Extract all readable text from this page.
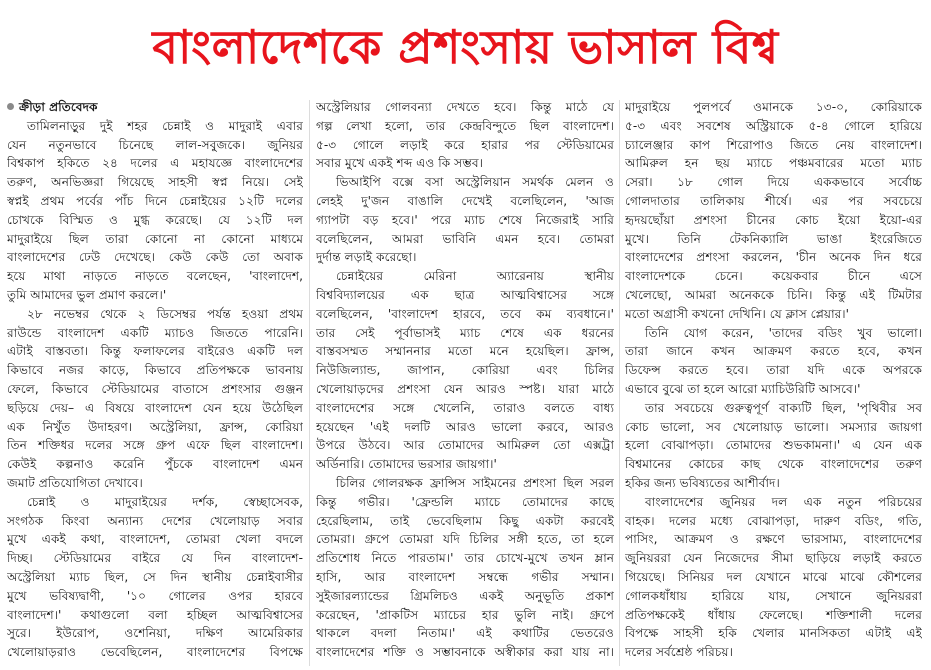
বাংলাদেশকে প্রশংসায় ভাসাল বিশ্ব
ক্রীড়া প্রতিবেদক
তামিলনাড়ুর দুই শহর চেন্নাই ও মাদুরাই এবার
যেন নতুনভাবে চিনেছে লাল-সবুজকে। জুনিয়র
বিশ্বকাপ হকিতে ২৪ দলের এ মহাযজ্ঞে বাংলাদেশের
তরুণ, অনভিজ্ঞরা গিয়েছে সাহসী স্বপ্ন নিয়ে। সেই
স্বপ্নই প্রথম পর্বের পাঁচ দিনে চেন্নাইয়ের ১২টি দলের
চোখকে বিস্মিত ও মুগ্ধ করেছে। যে ১২টি দল
মাদুরাইয়ে ছিল তারা কোনো না কোনো মাধ্যমে
বাংলাদেশের ঢেউ দেখেছে। কেউ কেউ তো অবাক
হয়ে মাথা নাড়তে নাড়তে বলেছেন, 'বাংলাদেশ,
তুমি আমাদের ভুল প্রমাণ করলে।'
২৮ নভেম্বর থেকে ২ ডিসেম্বর পর্যন্ত হওয়া প্রথম
রাউন্ডে বাংলাদেশ একটি ম্যাচও জিততে পারেনি।
এটাই বাস্তবতা। কিন্তু ফলাফলের বাইরেও একটি দল
কিভাবে নজর কাড়ে, কিভাবে প্রতিপক্ষকে ভাবনায়
ফেলে, কিভাবে স্টেডিয়ামের বাতাসে প্রশংসার গুঞ্জন
ছড়িয়ে দেয়– এ বিষয়ে বাংলাদেশ যেন হয়ে উঠেছিল
এক নিখুঁত উদাহরণ। অস্ট্রেলিয়া, ফ্রান্স, কোরিয়া
তিন শক্তিধর দলের সঙ্গে গ্রুপ এফে ছিল বাংলাদেশ।
কেউই কল্পনাও করেনি পুঁচকে বাংলাদেশ এমন
জমাট প্রতিযোগিতা দেখাবে।
চেন্নাই ও মাদুরাইয়ের দর্শক, স্বেচ্ছাসেবক,
সংগঠক কিংবা অন্যান্য দেশের খেলোয়াড় সবার
মুখে একই কথা, বাংলাদেশ, তোমরা খেলা বদলে
দিচ্ছ। স্টেডিয়ামের বাইরে যে দিন বাংলাদেশ-
অস্ট্রেলিয়া ম্যাচ ছিল, সে দিন স্থানীয় চেন্নাইবাসীর
মুখে ভবিষ্যদ্বাণী, '১০ গোলের ওপর হারবে
বাংলাদেশ।' কথাগুলো বলা হচ্ছিল আত্মবিশ্বাসের
সুরে। ইউরোপ, ওশেনিয়া, দক্ষিণ আমেরিকার
খেলোয়াড়রাও ভেবেছিলেন, বাংলাদেশের বিপক্ষে
অস্ট্রেলিয়ার গোলবন্যা দেখতে হবে। কিন্তু মাঠে যে
গল্প লেখা হলো, তার কেন্দ্রবিন্দুতে ছিল বাংলাদেশ।
৫-৩ গোলে লড়াই করে হারার পর স্টেডিয়ামের
সবার মুখে একই শব্দ এও কি সম্ভব।
ভিআইপি বক্সে বসা অস্ট্রেলিয়ান সমর্থক মেলন ও
লেহই দু'জন বাঙালি দেখেই বলেছিলেন, 'আজ
গ্যাপটা বড় হবে।' পরে ম্যাচ শেষে নিজেরাই সারি
বলেছিলেন, আমরা ভাবিনি এমন হবে। তোমরা
দুর্দান্ত লড়াই করেছো।
চেন্নাইয়ের মেরিনা অ্যারেনায় স্থানীয়
বিশ্ববিদ্যালয়ের এক ছাত্র আত্মবিশ্বাসের সঙ্গে
বলেছিলেন, 'বাংলাদেশ হারবে, তবে কম ব্যবধানে।'
তার সেই পূর্বাভাসই ম্যাচ শেষে এক ধরনের
বাস্তবসম্মত সম্মাননার মতো মনে হয়েছিল। ফ্রান্স,
নিউজিল্যান্ড, জাপান, কোরিয়া এবং চিলির
খেলোয়াড়দের প্রশংসা যেন আরও স্পষ্ট। যারা মাঠে
বাংলাদেশের সঙ্গে খেলেনি, তারাও বলতে বাধ্য
হয়েছেন 'এই দলটি আরও ভালো করবে, আরও
উপরে উঠবে। আর তোমাদের আমিরুল তো এক্সট্রা
অর্ডিনারি। তোমাদের ভরসার জায়গা।'
চিলির গোলরক্ষক ফ্রান্সিস সাইমনের প্রশংসা ছিল সরল
কিন্তু গভীর। 'ফ্রেন্ডলি ম্যাচে তোমাদের কাছে
হেরেছিলাম, তাই ভেবেছিলাম কিছু একটা করবেই
তোমরা। গ্রুপে তোমরা যদি চিলির সঙ্গী হতে, তা হলে
প্রতিশোধ নিতে পারতাম।' তার চোখে-মুখে তখন ম্লান
হাসি, আর বাংলাদেশ সম্বন্ধে গভীর সম্মান।
সুইজারল্যান্ডের গ্রিমলিচও একই অনুভূতি প্রকাশ
করেছেন, 'প্রাকটিস ম্যাচের হার ভুলি নাই। গ্রুপে
থাকলে বদলা নিতাম।' এই কথাটির ভেতরেও
বাংলাদেশের শক্তি ও সম্ভাবনাকে অস্বীকার করা যায় না।
মাদুরাইয়ে পুলপর্বে ওমানকে ১৩-০, কোরিয়াকে
৫-৩ এবং সবশেষ অস্ট্রিয়াকে ৫-৪ গোলে হারিয়ে
চ্যালেঞ্জার কাপ শিরোপাও জিতে নেয় বাংলাদেশ।
আমিরুল হন ছয় ম্যাচে পঞ্চমবারের মতো ম্যাচ
সেরা। ১৮ গোল দিয়ে এককভাবে সর্বোচ্চ
গোলদাতার তালিকায় শীর্ষে। এর পর সবচেয়ে
হৃদয়ছোঁয়া প্রশংসা চীনের কোচ ইয়ো ইয়ো-এর
মুখে। তিনি টেকনিক্যালি ভাঙা ইংরেজিতে
বাংলাদেশের প্রশংসা করলেন, 'চীন অনেক দিন ধরে
বাংলাদেশকে চেনে। কয়েকবার চীনে এসে
খেলেছো, আমরা অনেককে চিনি। কিন্তু এই টিমটার
মতো অগ্রাসী কখনো দেখিনি। যে ক্লাস প্লেয়ার।'
তিনি যোগ করেন, 'তাদের বডিং খুব ভালো।
তারা জানে কখন আক্রমণ করতে হবে, কখন
ডিফেন্স করতে হবে। তারা যদি একে অপরকে
এভাবে বুঝে তা হলে আরো ম্যাচিউরিটি আসবে।'
তার সবচেয়ে গুরুত্বপূর্ণ বাক্যটি ছিল, 'পৃথিবীর সব
কোচ ভালো, সব খেলোয়াড় ভালো। সমস্যার জায়গা
হলো বোঝাপড়া। তোমাদের শুভকামনা।' এ যেন এক
বিশ্বমানের কোচের কাছ থেকে বাংলাদেশের তরুণ
হকির জন্য ভবিষ্যতের আশীর্বাদ।
বাংলাদেশের জুনিয়র দল এক নতুন পরিচয়ের
বাহক। দলের মধ্যে বোঝাপড়া, দারুণ বডিং, গতি,
পাসিং, আক্রমণ ও রক্ষণে ভারসাম্য, বাংলাদেশের
জুনিয়ররা যেন নিজেদের সীমা ছাড়িয়ে লড়াই করতে
গিয়েছে। সিনিয়র দল যেখানে মাঝে মাঝে কৌশলের
গোলকধাঁধায় হারিয়ে যায়, সেখানে জুনিয়ররা
প্রতিপক্ষকেই ধাঁধায় ফেলেছে। শক্তিশালী দলের
বিপক্ষে সাহসী হকি খেলার মানসিকতা এটাই এই
দলের সর্বশ্রেষ্ঠ পরিচয়।
